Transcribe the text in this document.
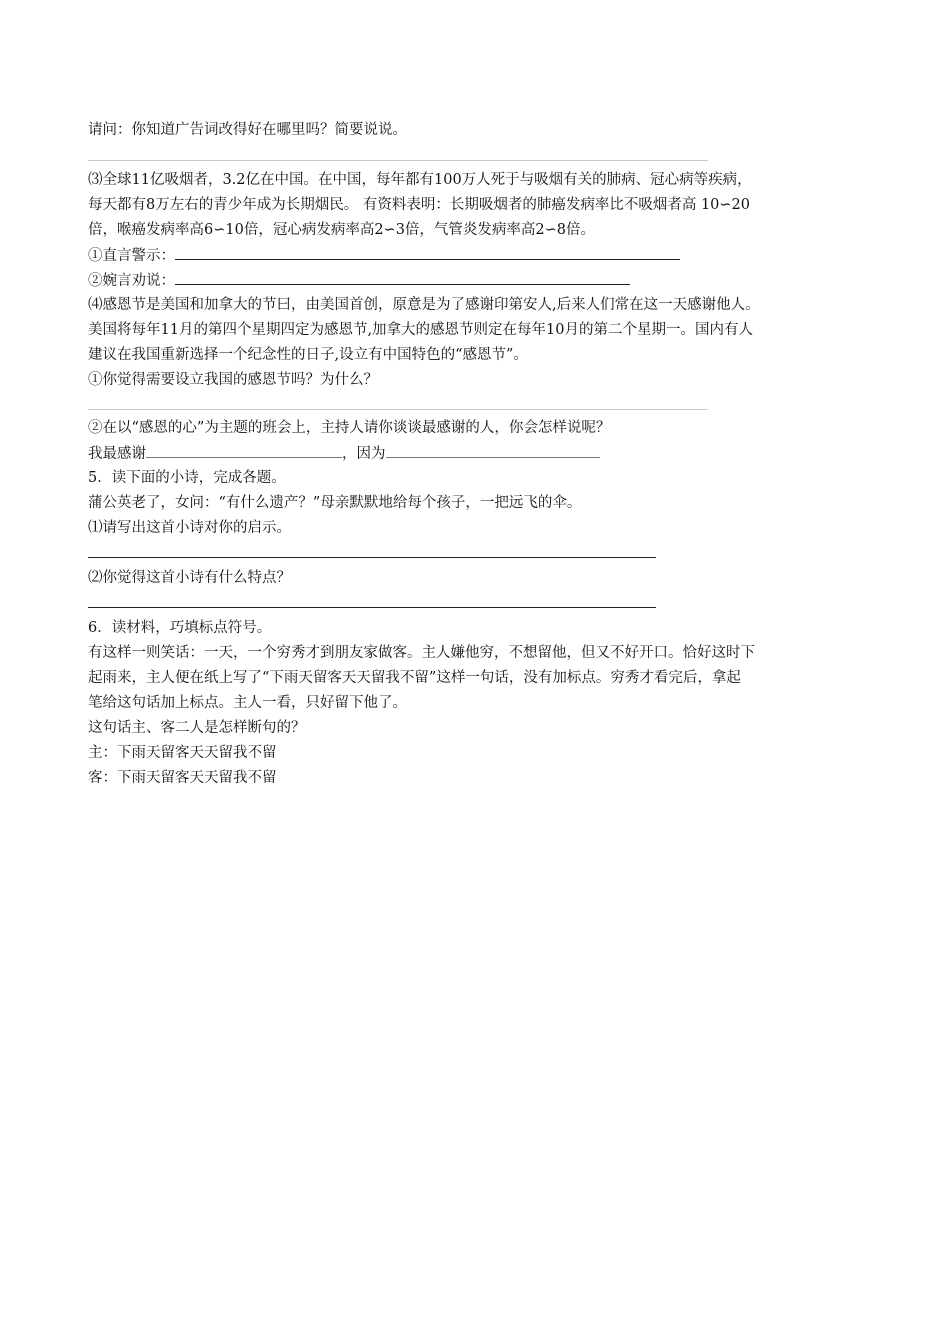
请问：你知道广告词改得好在哪里吗？简要说说。
⑶全球11亿吸烟者，3.2亿在中国。在中国，每年都有100万人死于与吸烟有关的肺病、冠心病等疾病，
每天都有8万左右的青少年成为长期烟民。 有资料表明：长期吸烟者的肺癌发病率比不吸烟者高 10∽20
倍，喉癌发病率高6∽10倍，冠心病发病率高2∽3倍，气管炎发病率高2∽8倍。
①直言警示：
②婉言劝说：
⑷感恩节是美国和加拿大的节曰，由美国首创，原意是为了感谢印第安人,后来人们常在这一天感谢他人。
美国将每年11月的第四个星期四定为感恩节,加拿大的感恩节则定在每年10月的第二个星期一。国内有人
建议在我国重新选择一个纪念性的日子,设立有中国特色的“感恩节”。
①你觉得需要设立我国的感恩节吗？为什么？
②在以“感恩的心”为主题的班会上，主持人请你谈谈最感谢的人，你会怎样说呢？
我最感谢	，因为
5．读下面的小诗，完成各题。
蒲公英老了，女问：“有什么遗产？”母亲默默地给每个孩子，一把远飞的伞。
⑴请写出这首小诗对你的启示。
⑵你觉得这首小诗有什么特点？
6．读材料，巧填标点符号。
有这样一则笑话：一天，一个穷秀才到朋友家做客。主人嫌他穷，不想留他，但又不好开口。恰好这时下
起雨来，主人便在纸上写了“下雨天留客天天留我不留”这样一句话，没有加标点。穷秀才看完后，拿起
笔给这句话加上标点。主人一看，只好留下他了。
这句话主、客二人是怎样断句的？
主：下雨天留客天天留我不留
客：下雨天留客天天留我不留
